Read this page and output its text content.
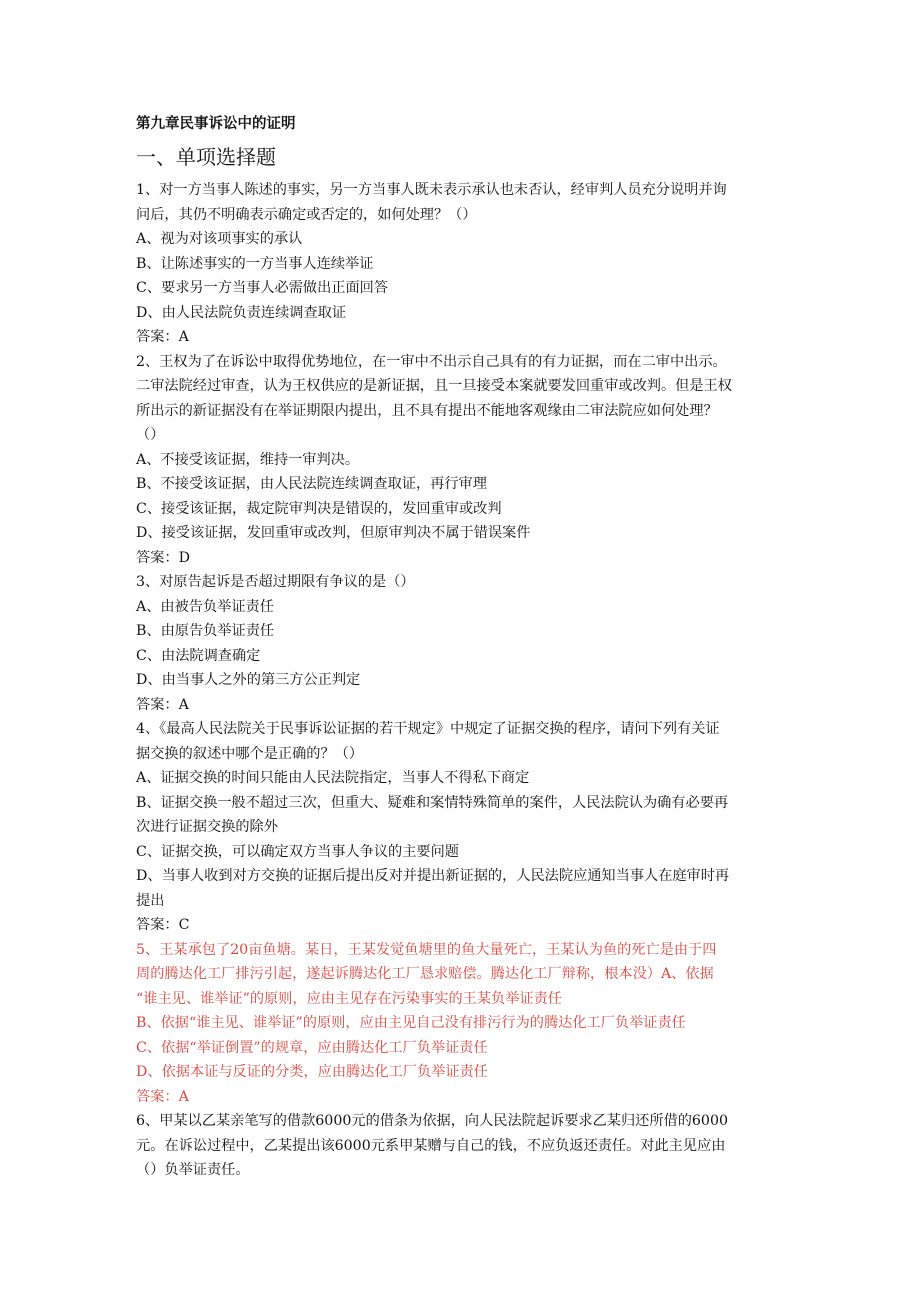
第九章民事诉讼中的证明
一、单项选择题

1、对一方当事人陈述的事实，另一方当事人既未表示承认也未否认，经审判人员充分说明并询

问后，其仍不明确表示确定或否定的，如何处理？（）

A、视为对该项事实的承认

B、让陈述事实的一方当事人连续举证

C、要求另一方当事人必需做出正面回答

D、由人民法院负责连续调查取证

答案：A

2、王权为了在诉讼中取得优势地位，在一审中不出示自己具有的有力证据，而在二审中出示。

二审法院经过审查，认为王权供应的是新证据，且一旦接受本案就要发回重审或改判。但是王权

所出示的新证据没有在举证期限内提出，且不具有提出不能地客观缘由二审法院应如何处理？

（）

A、不接受该证据，维持一审判决。

B、不接受该证据，由人民法院连续调查取证，再行审理

C、接受该证据，裁定院审判决是错误的，发回重审或改判

D、接受该证据，发回重审或改判，但原审判决不属于错误案件

答案：D

3、对原告起诉是否超过期限有争议的是（）

A、由被告负举证责任

B、由原告负举证责任

C、由法院调查确定

D、由当事人之外的第三方公正判定

答案：A

4、《最高人民法院关于民事诉讼证据的若干规定》中规定了证据交换的程序，请问下列有关证

据交换的叙述中哪个是正确的？（）

A、证据交换的时间只能由人民法院指定，当事人不得私下商定

B、证据交换一般不超过三次，但重大、疑难和案情特殊简单的案件，人民法院认为确有必要再

次进行证据交换的除外

C、证据交换，可以确定双方当事人争议的主要问题

D、当事人收到对方交换的证据后提出反对并提出新证据的，人民法院应通知当事人在庭审时再

提出

答案：C

5、王某承包了20亩鱼塘。某日，王某发觉鱼塘里的鱼大量死亡，王某认为鱼的死亡是由于四

周的腾达化工厂排污引起，遂起诉腾达化工厂恳求赔偿。腾达化工厂辩称，根本没）A、依据

“谁主见、谁举证”的原则，应由主见存在污染事实的王某负举证责任

B、依据“谁主见、谁举证”的原则，应由主见自己没有排污行为的腾达化工厂负举证责任

C、依据“举证倒置”的规章，应由腾达化工厂负举证责任

D、依据本证与反证的分类，应由腾达化工厂负举证责任

答案：A

6、甲某以乙某亲笔写的借款6000元的借条为依据，向人民法院起诉要求乙某归还所借的6000

元。在诉讼过程中，乙某提出该6000元系甲某赠与自己的钱，不应负返还责任。对此主见应由

（）负举证责任。
